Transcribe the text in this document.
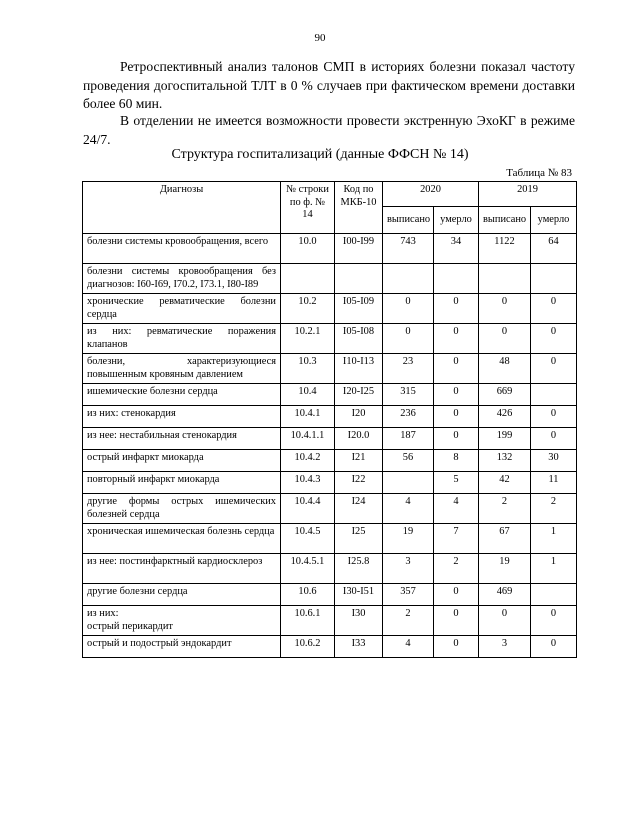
90

Ретроспективный анализ талонов СМП в историях болезни показал частоту проведения догоспитальной ТЛТ в 0 % случаев при фактическом времени доставки более 60 мин.

В отделении не имеется возможности провести экстренную ЭхоКГ в режиме 24/7.

Структура госпитализаций (данные ФФСН № 14)
Таблица № 83
Диагнозы	№ строки по ф. № 14	Код по МКБ-10	2020		2019	
			выписано	умерло	выписано	умерло
болезни системы кровообращения, всего	10.0	I00-I99	743	34	1122	64
болезни системы кровообращения без диагнозов: I60-I69, I70.2, I73.1, I80-I89						
хронические ревматические болезни сердца	10.2	I05-I09	0	0	0	0
из них: ревматические поражения клапанов	10.2.1	I05-I08	0	0	0	0
болезни, характеризующиеся повышенным кровяным давлением	10.3	I10-I13	23	0	48	0
ишемические болезни сердца	10.4	I20-I25	315	0	669	
из них: стенокардия	10.4.1	I20	236	0	426	0
из нее: нестабильная стенокардия	10.4.1.1	I20.0	187	0	199	0
острый инфаркт миокарда	10.4.2	I21	56	8	132	30
повторный инфаркт миокарда	10.4.3	I22		5	42	11
другие формы острых ишемических болезней сердца	10.4.4	I24	4	4	2	2
хроническая ишемическая болезнь сердца	10.4.5	I25	19	7	67	1
из нее: постинфарктный кардиосклероз	10.4.5.1	I25.8	3	2	19	1
другие болезни сердца	10.6	I30-I51	357	0	469	
из них:
острый перикардит	10.6.1	I30	2	0	0	0
острый и подострый эндокардит	10.6.2	I33	4	0	3	0
